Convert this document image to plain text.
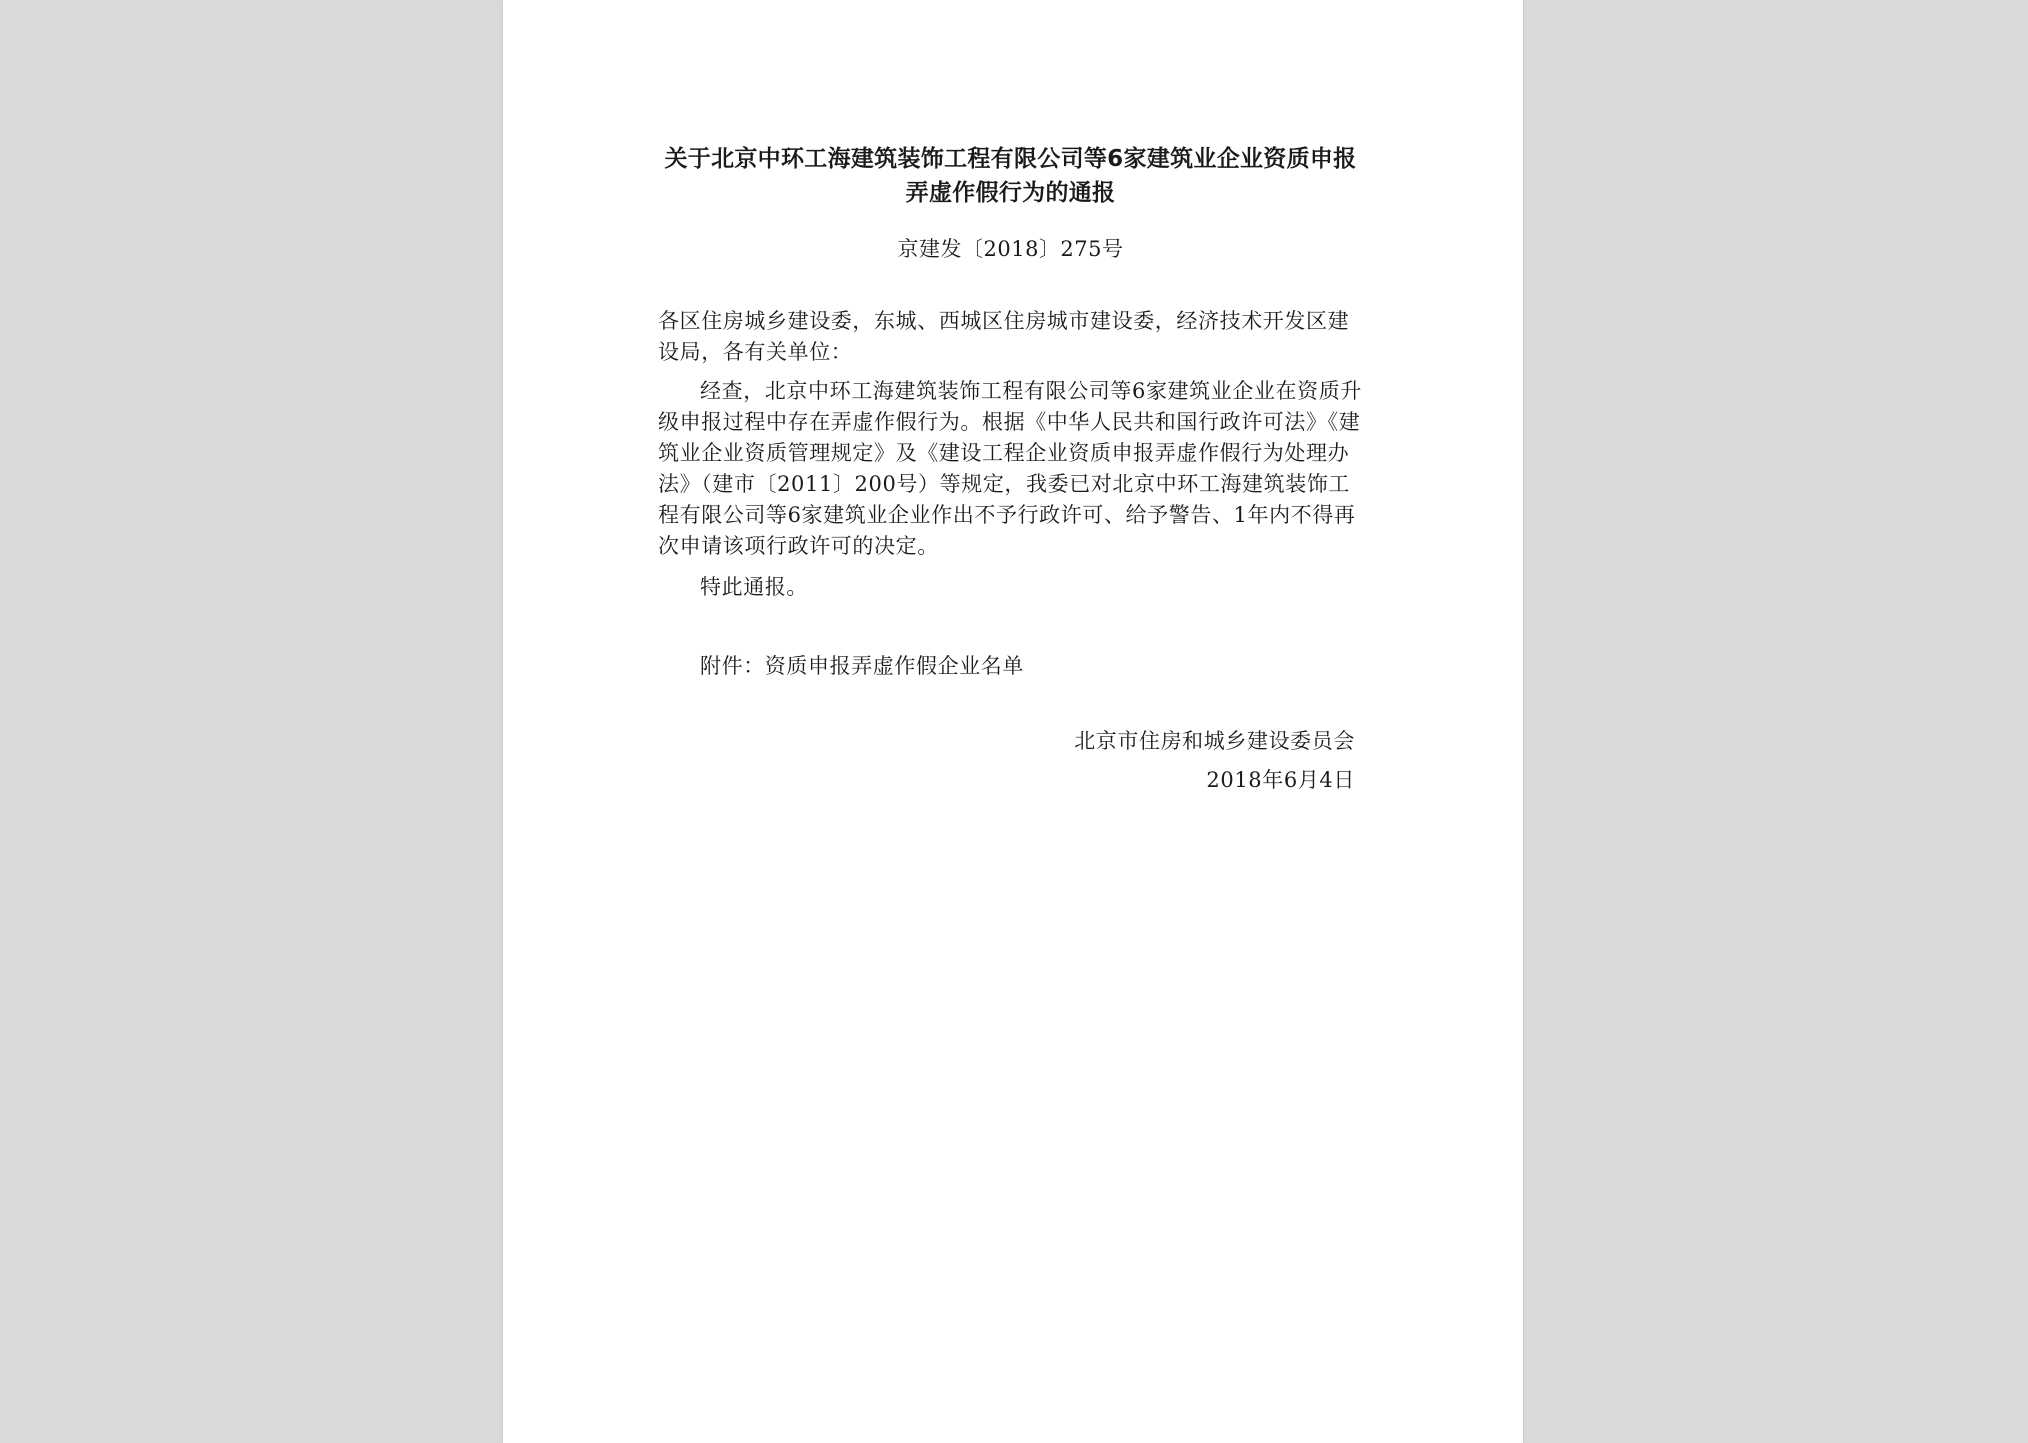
关于北京中环工海建筑装饰工程有限公司等6家建筑业企业资质申报弄虚作假行为的通报
京建发〔2018〕275号

各区住房城乡建设委，东城、西城区住房城市建设委，经济技术开发区建设局，各有关单位：

经查，北京中环工海建筑装饰工程有限公司等6家建筑业企业在资质升级申报过程中存在弄虚作假行为。根据《中华人民共和国行政许可法》《建筑业企业资质管理规定》及《建设工程企业资质申报弄虚作假行为处理办法》（建市〔2011〕200号）等规定，我委已对北京中环工海建筑装饰工程有限公司等6家建筑业企业作出不予行政许可、给予警告、1年内不得再次申请该项行政许可的决定。

特此通报。

附件：资质申报弄虚作假企业名单

北京市住房和城乡建设委员会

2018年6月4日
